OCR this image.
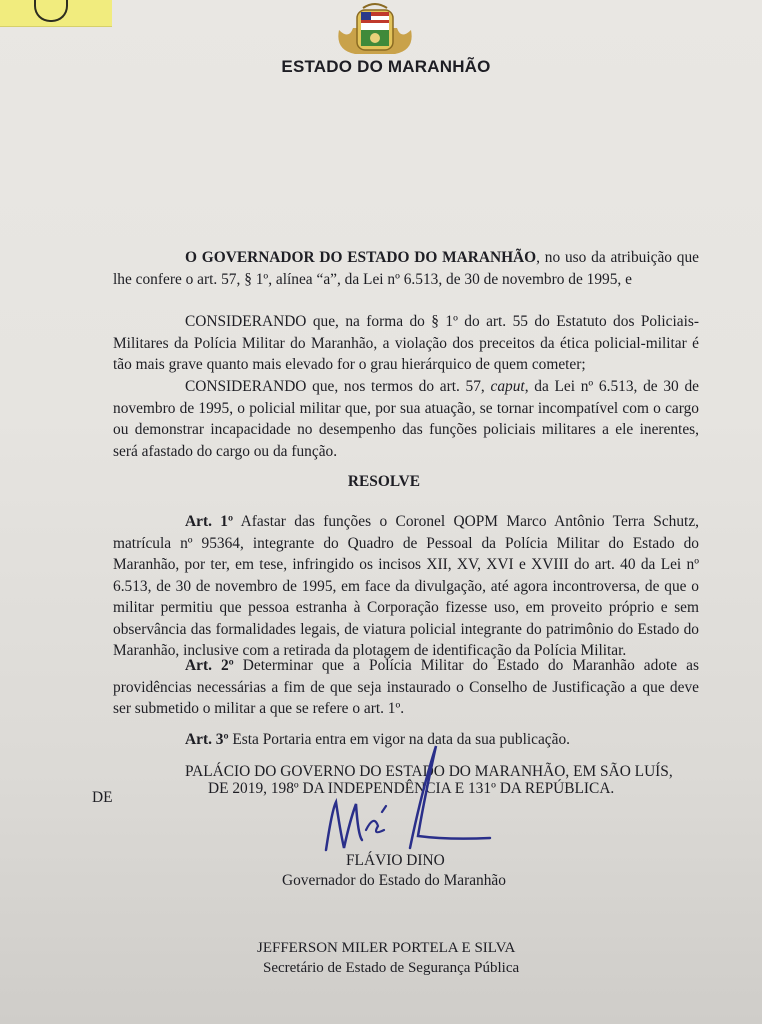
ESTADO DO MARANHÃO
O GOVERNADOR DO ESTADO DO MARANHÃO, no uso da atribuição que lhe confere o art. 57, § 1º, alínea “a”, da Lei nº 6.513, de 30 de novembro de 1995, e
CONSIDERANDO que, na forma do § 1º do art. 55 do Estatuto dos Policiais-Militares da Polícia Militar do Maranhão, a violação dos preceitos da ética policial-militar é tão mais grave quanto mais elevado for o grau hierárquico de quem cometer;
CONSIDERANDO que, nos termos do art. 57, caput, da Lei nº 6.513, de 30 de novembro de 1995, o policial militar que, por sua atuação, se tornar incompatível com o cargo ou demonstrar incapacidade no desempenho das funções policiais militares a ele inerentes, será afastado do cargo ou da função.
RESOLVE
Art. 1º Afastar das funções o Coronel QOPM Marco Antônio Terra Schutz, matrícula nº 95364, integrante do Quadro de Pessoal da Polícia Militar do Estado do Maranhão, por ter, em tese, infringido os incisos XII, XV, XVI e XVIII do art. 40 da Lei nº 6.513, de 30 de novembro de 1995, em face da divulgação, até agora incontroversa, de que o militar permitiu que pessoa estranha à Corporação fizesse uso, em proveito próprio e sem observância das formalidades legais, de viatura policial integrante do patrimônio do Estado do Maranhão, inclusive com a retirada da plotagem de identificação da Polícia Militar.
Art. 2º Determinar que a Polícia Militar do Estado do Maranhão adote as providências necessárias a fim de que seja instaurado o Conselho de Justificação a que deve ser submetido o militar a que se refere o art. 1º.
Art. 3º Esta Portaria entra em vigor na data da sua publicação.
PALÁCIO DO GOVERNO DO ESTADO DO MARANHÃO, EM SÃO LUÍS,
DE
DE 2019, 198º DA INDEPENDÊNCIA E 131º DA REPÚBLICA.
FLÁVIO DINO
Governador do Estado do Maranhão
JEFFERSON MILER PORTELA E SILVA
Secretário de Estado de Segurança Pública
